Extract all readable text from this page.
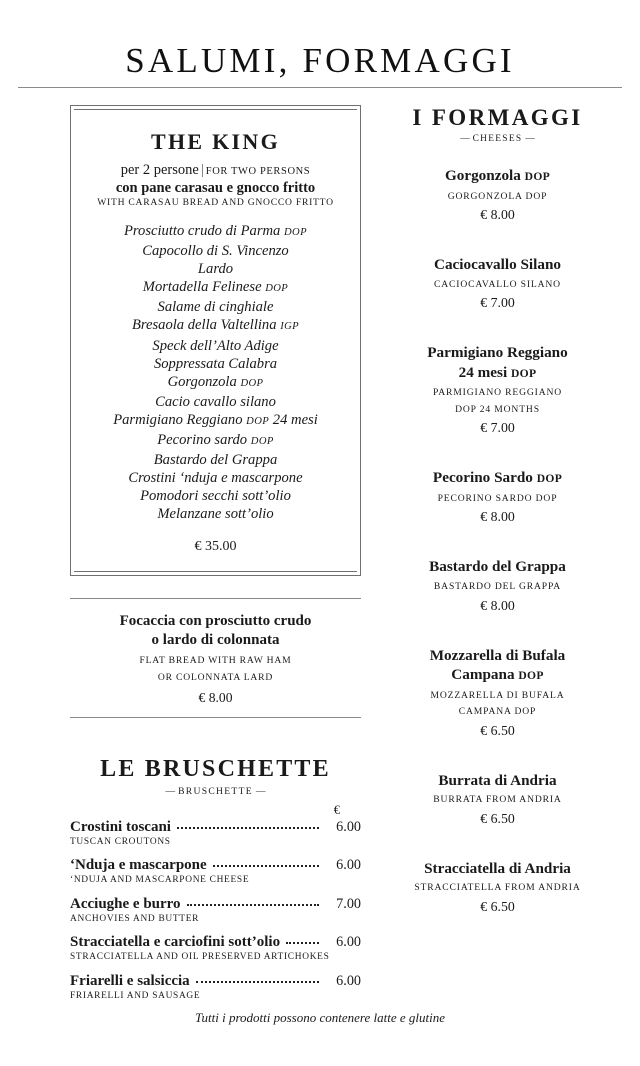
SALUMI, FORMAGGI
THE KING
per 2 persone | FOR TWO PERSONS
con pane carasau e gnocco fritto
WITH CARASAU BREAD AND GNOCCO FRITTO
Prosciutto crudo di Parma DOP
Capocollo di S. Vincenzo
Lardo
Mortadella Felinese DOP
Salame di cinghiale
Bresaola della Valtellina IGP
Speck dell’Alto Adige
Soppressata Calabra
Gorgonzola DOP
Cacio cavallo silano
Parmigiano Reggiano DOP 24 mesi
Pecorino sardo DOP
Bastardo del Grappa
Crostini ‘nduja e mascarpone
Pomodori secchi sott’olio
Melanzane sott’olio
€ 35.00
Focaccia con prosciutto crudo
o lardo di colonnata
FLAT BREAD WITH RAW HAM
OR COLONNATA LARD
€ 8.00
LE BRUSCHETTE
— BRUSCHETTE —
€
Crostini toscani	6.00
TUSCAN CROUTONS
‘Nduja e mascarpone	6.00
‘NDUJA AND MASCARPONE CHEESE
Acciughe e burro	7.00
ANCHOVIES AND BUTTER
Stracciatella e carciofini sott’olio	6.00
STRACCIATELLA AND OIL PRESERVED ARTICHOKES
Friarelli e salsiccia	6.00
FRIARELLI AND SAUSAGE
I FORMAGGI
— CHEESES —
Gorgonzola DOP
GORGONZOLA DOP
€ 8.00
Caciocavallo Silano
CACIOCAVALLO SILANO
€ 7.00
Parmigiano Reggiano
24 mesi DOP
PARMIGIANO REGGIANO
DOP 24 MONTHS
€ 7.00
Pecorino Sardo DOP
PECORINO SARDO DOP
€ 8.00
Bastardo del Grappa
BASTARDO DEL GRAPPA
€ 8.00
Mozzarella di Bufala
Campana DOP
MOZZARELLA DI BUFALA
CAMPANA DOP
€ 6.50
Burrata di Andria
BURRATA FROM ANDRIA
€ 6.50
Stracciatella di Andria
STRACCIATELLA FROM ANDRIA
€ 6.50
Tutti i prodotti possono contenere latte e glutine
